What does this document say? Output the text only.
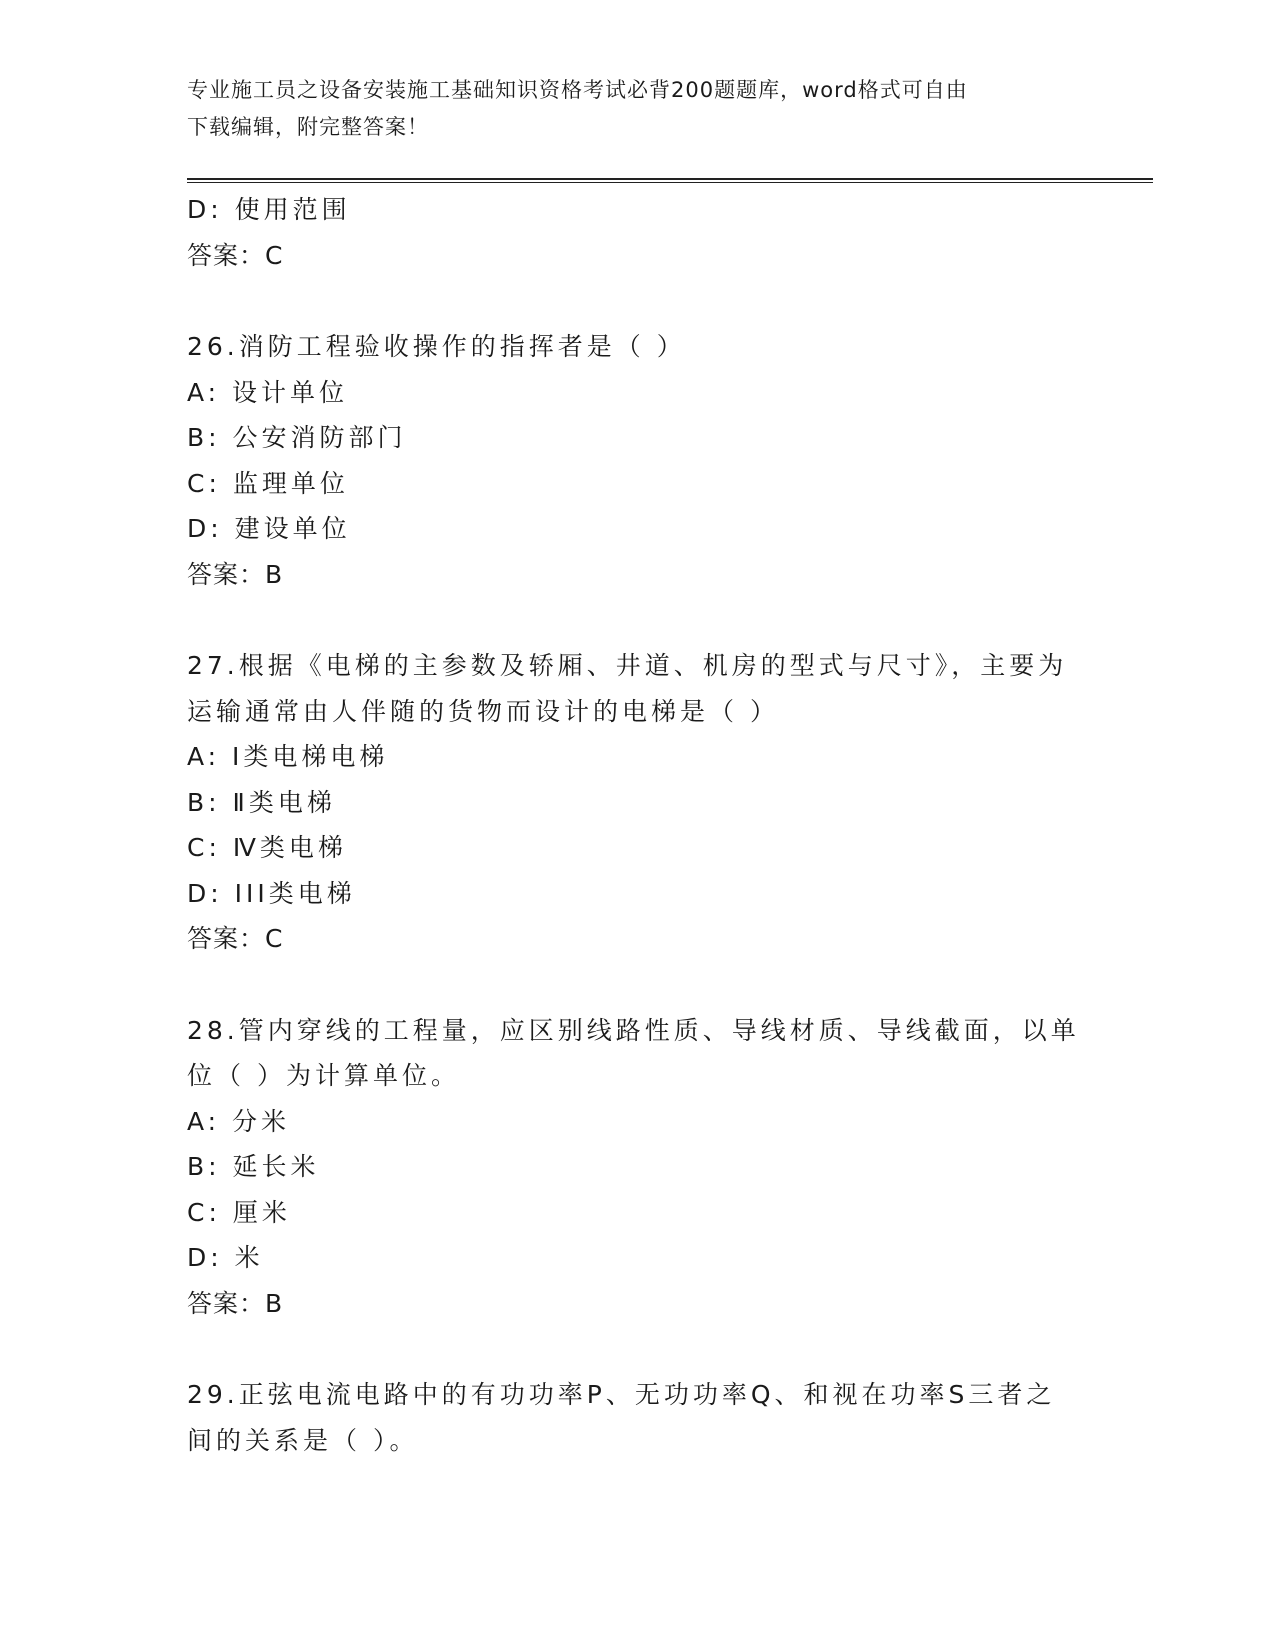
专业施工员之设备安装施工基础知识资格考试必背200题题库，word格式可自由
下载编辑，附完整答案！
D: 使用范围
答案：C
26.消防工程验收操作的指挥者是（ ）
A: 设计单位
B: 公安消防部门
C: 监理单位
D: 建设单位
答案：B
27.根据《电梯的主参数及轿厢、井道、机房的型式与尺寸》，主要为
运输通常由人伴随的货物而设计的电梯是（ ）
A: Ⅰ类电梯电梯
B: Ⅱ类电梯
C: Ⅳ类电梯
D: III类电梯
答案：C
28.管内穿线的工程量，应区别线路性质、导线材质、导线截面，以单
位（ ）为计算单位。
A: 分米
B: 延长米
C: 厘米
D: 米
答案：B
29.正弦电流电路中的有功功率P、无功功率Q、和视在功率S三者之
间的关系是（ ）。
